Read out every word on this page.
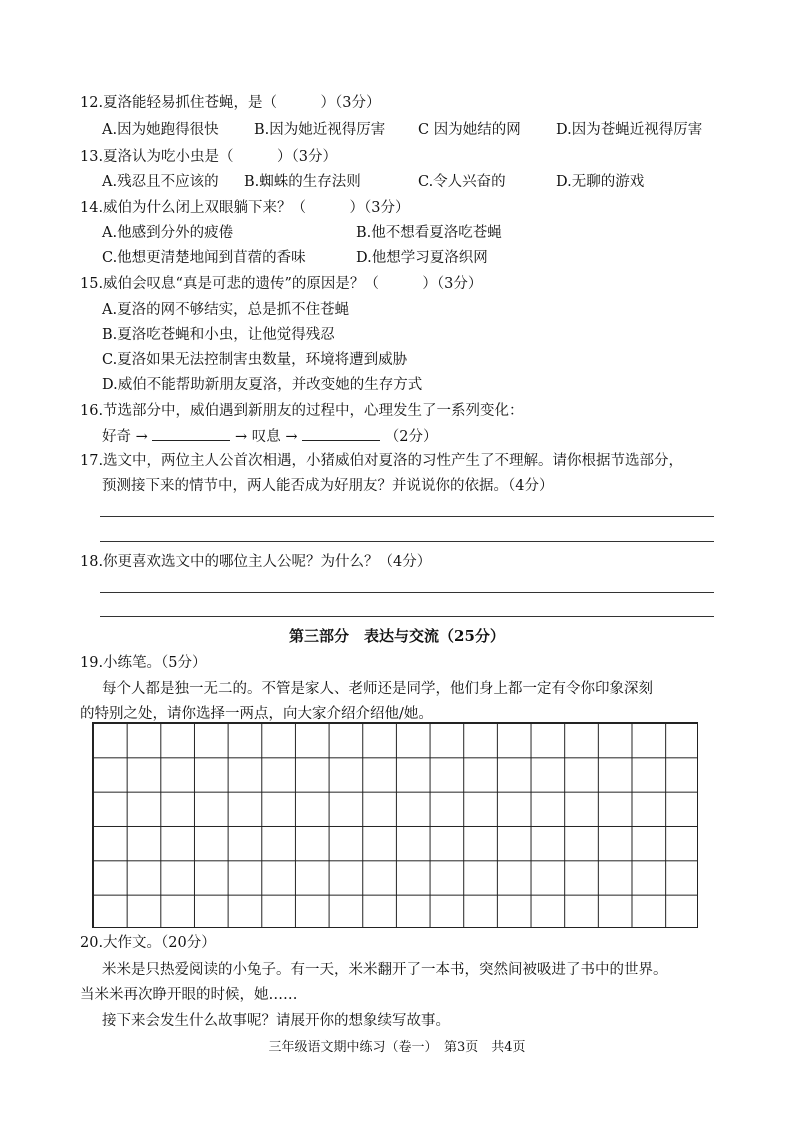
12.夏洛能轻易抓住苍蝇，是（　　　）（3分）
A.因为她跑得很快 B.因为她近视得厉害 C 因为她结的网 D.因为苍蝇近视得厉害
13.夏洛认为吃小虫是（　　　）（3分）
A.残忍且不应该的 B.蜘蛛的生存法则	C.令人兴奋的	D.无聊的游戏
14.威伯为什么闭上双眼躺下来？（　　　）（3分）
A.他感到分外的疲倦	B.他不想看夏洛吃苍蝇
C.他想更清楚地闻到苜蓿的香味	D.他想学习夏洛织网
15.威伯会叹息“真是可悲的遗传”的原因是？（　　　）（3分）
A.夏洛的网不够结实，总是抓不住苍蝇
B.夏洛吃苍蝇和小虫，让他觉得残忍
C.夏洛如果无法控制害虫数量，环境将遭到威胁
D.威伯不能帮助新朋友夏洛，并改变她的生存方式
16.节选部分中，威伯遇到新朋友的过程中，心理发生了一系列变化：
好奇 →	→ 叹息 →	（2分）
17.选文中，两位主人公首次相遇，小猪威伯对夏洛的习性产生了不理解。请你根据节选部分，
预测接下来的情节中，两人能否成为好朋友？并说说你的依据。（4分）
18.你更喜欢选文中的哪位主人公呢？为什么？（4分）
第三部分　表达与交流（25分）
19.小练笔。（5分）
每个人都是独一无二的。不管是家人、老师还是同学，他们身上都一定有令你印象深刻
的特别之处，请你选择一两点，向大家介绍介绍他/她。
20.大作文。（20分）
米米是只热爱阅读的小兔子。有一天，米米翻开了一本书，突然间被吸进了书中的世界。
当米米再次睁开眼的时候，她……
接下来会发生什么故事呢？请展开你的想象续写故事。
三年级语文期中练习（卷一）　第3页　共4页
